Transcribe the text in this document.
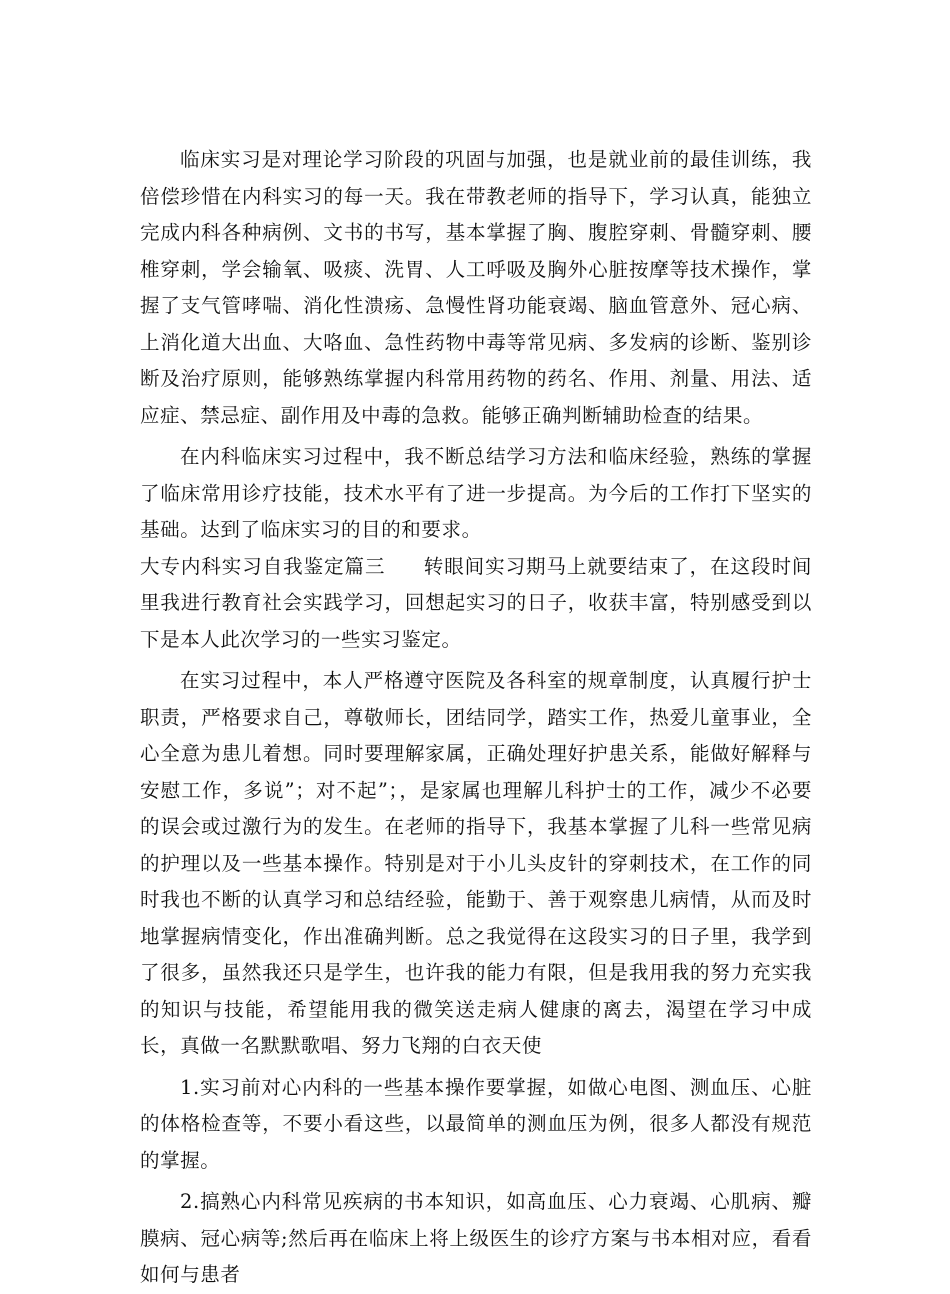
临床实习是对理论学习阶段的巩固与加强，也是就业前的最佳训练，我倍偿珍惜在内科实习的每一天。我在带教老师的指导下，学习认真，能独立完成内科各种病例、文书的书写，基本掌握了胸、腹腔穿刺、骨髓穿刺、腰椎穿刺，学会输氧、吸痰、洗胃、人工呼吸及胸外心脏按摩等技术操作，掌握了支气管哮喘、消化性溃疡、急慢性肾功能衰竭、脑血管意外、冠心病、上消化道大出血、大咯血、急性药物中毒等常见病、多发病的诊断、鉴别诊断及治疗原则，能够熟练掌握内科常用药物的药名、作用、剂量、用法、适应症、禁忌症、副作用及中毒的急救。能够正确判断辅助检查的结果。

在内科临床实习过程中，我不断总结学习方法和临床经验，熟练的掌握了临床常用诊疗技能，技术水平有了进一步提高。为今后的工作打下坚实的基础。达到了临床实习的目的和要求。

大专内科实习自我鉴定篇三 转眼间实习期马上就要结束了，在这段时间里我进行教育社会实践学习，回想起实习的日子，收获丰富，特别感受到以下是本人此次学习的一些实习鉴定。

在实习过程中，本人严格遵守医院及各科室的规章制度，认真履行护士职责，严格要求自己，尊敬师长，团结同学，踏实工作，热爱儿童事业，全心全意为患儿着想。同时要理解家属，正确处理好护患关系，能做好解释与安慰工作，多说”；对不起”；，是家属也理解儿科护士的工作，减少不必要的误会或过激行为的发生。在老师的指导下，我基本掌握了儿科一些常见病的护理以及一些基本操作。特别是对于小儿头皮针的穿刺技术，在工作的同时我也不断的认真学习和总结经验，能勤于、善于观察患儿病情，从而及时地掌握病情变化，作出准确判断。总之我觉得在这段实习的日子里，我学到了很多，虽然我还只是学生，也许我的能力有限，但是我用我的努力充实我的知识与技能，希望能用我的微笑送走病人健康的离去，渴望在学习中成长，真做一名默默歌唱、努力飞翔的白衣天使

1.实习前对心内科的一些基本操作要掌握，如做心电图、测血压、心脏的体格检查等，不要小看这些，以最简单的测血压为例，很多人都没有规范的掌握。

2.搞熟心内科常见疾病的书本知识，如高血压、心力衰竭、心肌病、瓣膜病、冠心病等;然后再在临床上将上级医生的诊疗方案与书本相对应，看看如何与患者
